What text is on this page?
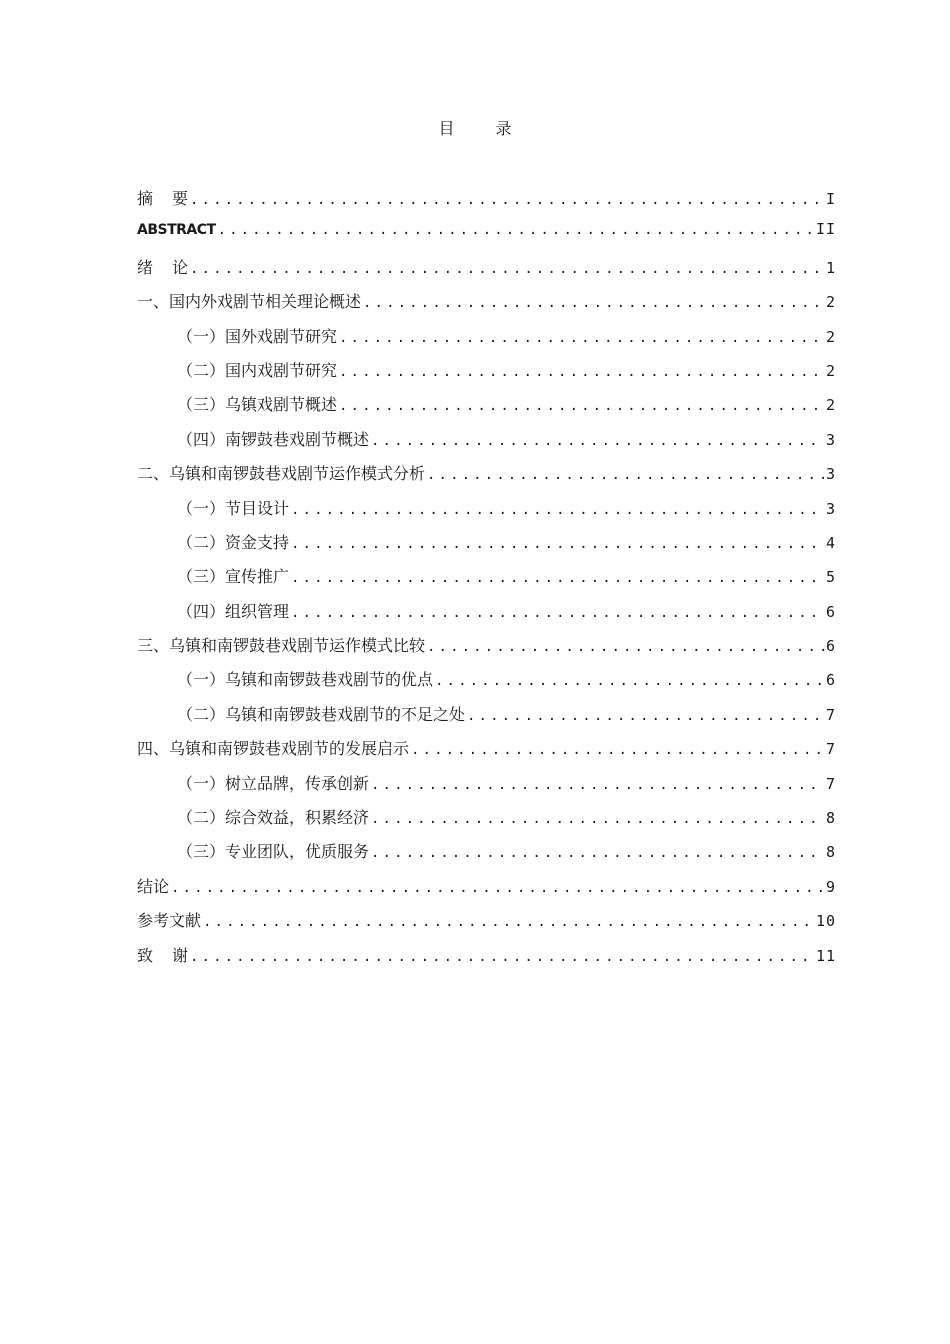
目 录
摘要 .....	I
ABSTRACT .....	II
绪论 .....	1
一、国内外戏剧节相关理论概述 .....	2
（一）国外戏剧节研究 .....	2
（二）国内戏剧节研究 .....	2
（三）乌镇戏剧节概述 .....	2
（四）南锣鼓巷戏剧节概述 .....	3
二、乌镇和南锣鼓巷戏剧节运作模式分析 .....	3
（一）节目设计 .....	3
（二）资金支持 .....	4
（三）宣传推广 .....	5
（四）组织管理 .....	6
三、乌镇和南锣鼓巷戏剧节运作模式比较 .....	6
（一）乌镇和南锣鼓巷戏剧节的优点 .....	6
（二）乌镇和南锣鼓巷戏剧节的不足之处 .....	7
四、乌镇和南锣鼓巷戏剧节的发展启示 .....	7
（一）树立品牌，传承创新 .....	7
（二）综合效益，积累经济 .....	8
（三）专业团队，优质服务 .....	8
结论 .....	9
参考文献 .....	10
致谢 .....	11
